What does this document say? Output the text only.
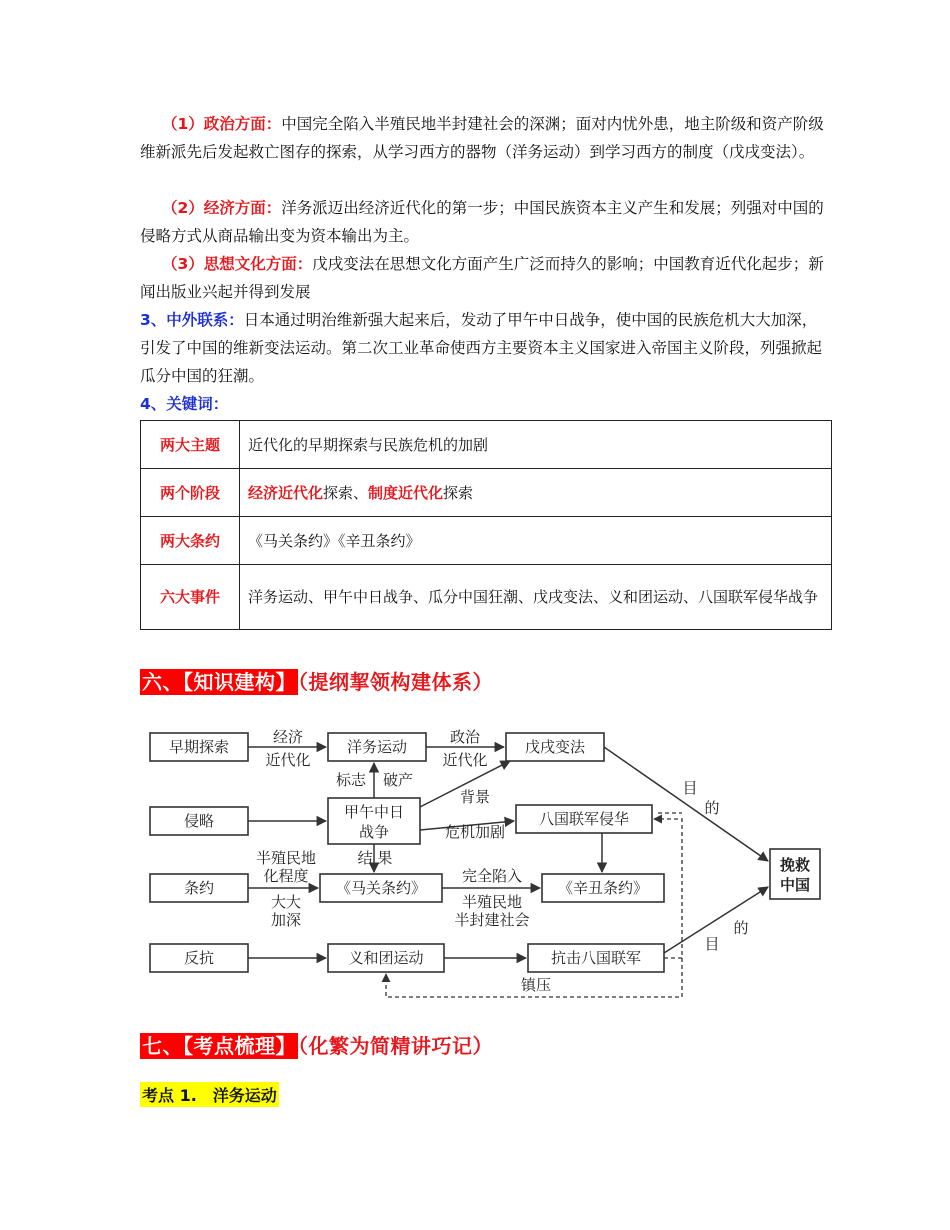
（1）政治方面：中国完全陷入半殖民地半封建社会的深渊；面对内忧外患，地主阶级和资产阶级维新派先后发起救亡图存的探索，从学习西方的器物（洋务运动）到学习西方的制度（戊戌变法）。
（2）经济方面：洋务派迈出经济近代化的第一步；中国民族资本主义产生和发展；列强对中国的侵略方式从商品输出变为资本输出为主。
（3）思想文化方面：戊戌变法在思想文化方面产生广泛而持久的影响；中国教育近代化起步；新闻出版业兴起并得到发展
3、中外联系：日本通过明治维新强大起来后，发动了甲午中日战争，使中国的民族危机大大加深，引发了中国的维新变法运动。第二次工业革命使西方主要资本主义国家进入帝国主义阶段，列强掀起瓜分中国的狂潮。
4、关键词：
两大主题	近代化的早期探索与民族危机的加剧
两个阶段	经济近代化探索、制度近代化探索
两大条约	《马关条约》《辛丑条约》
六大事件	洋务运动、甲午中日战争、瓜分中国狂潮、戊戌变法、义和团运动、八国联军侵华战争
六、【知识建构】 （提纲挈领构建体系）
早期探索
侵略
条约
反抗
洋务运动	戊戌变法
甲午中日
战争
八国联军侵华
《马关条约》	《辛丑条约》
义和团运动	抗击八国联军
挽救
中国
经济
近代化
政治
近代化
标志 破产
背景
危机加剧
结 果
半殖民地
化程度
大大
加深
完全陷入
半殖民地
半封建社会
镇压
目
的
的
目
七、【考点梳理】 （化繁为简精讲巧记）
考点 1.　洋务运动
